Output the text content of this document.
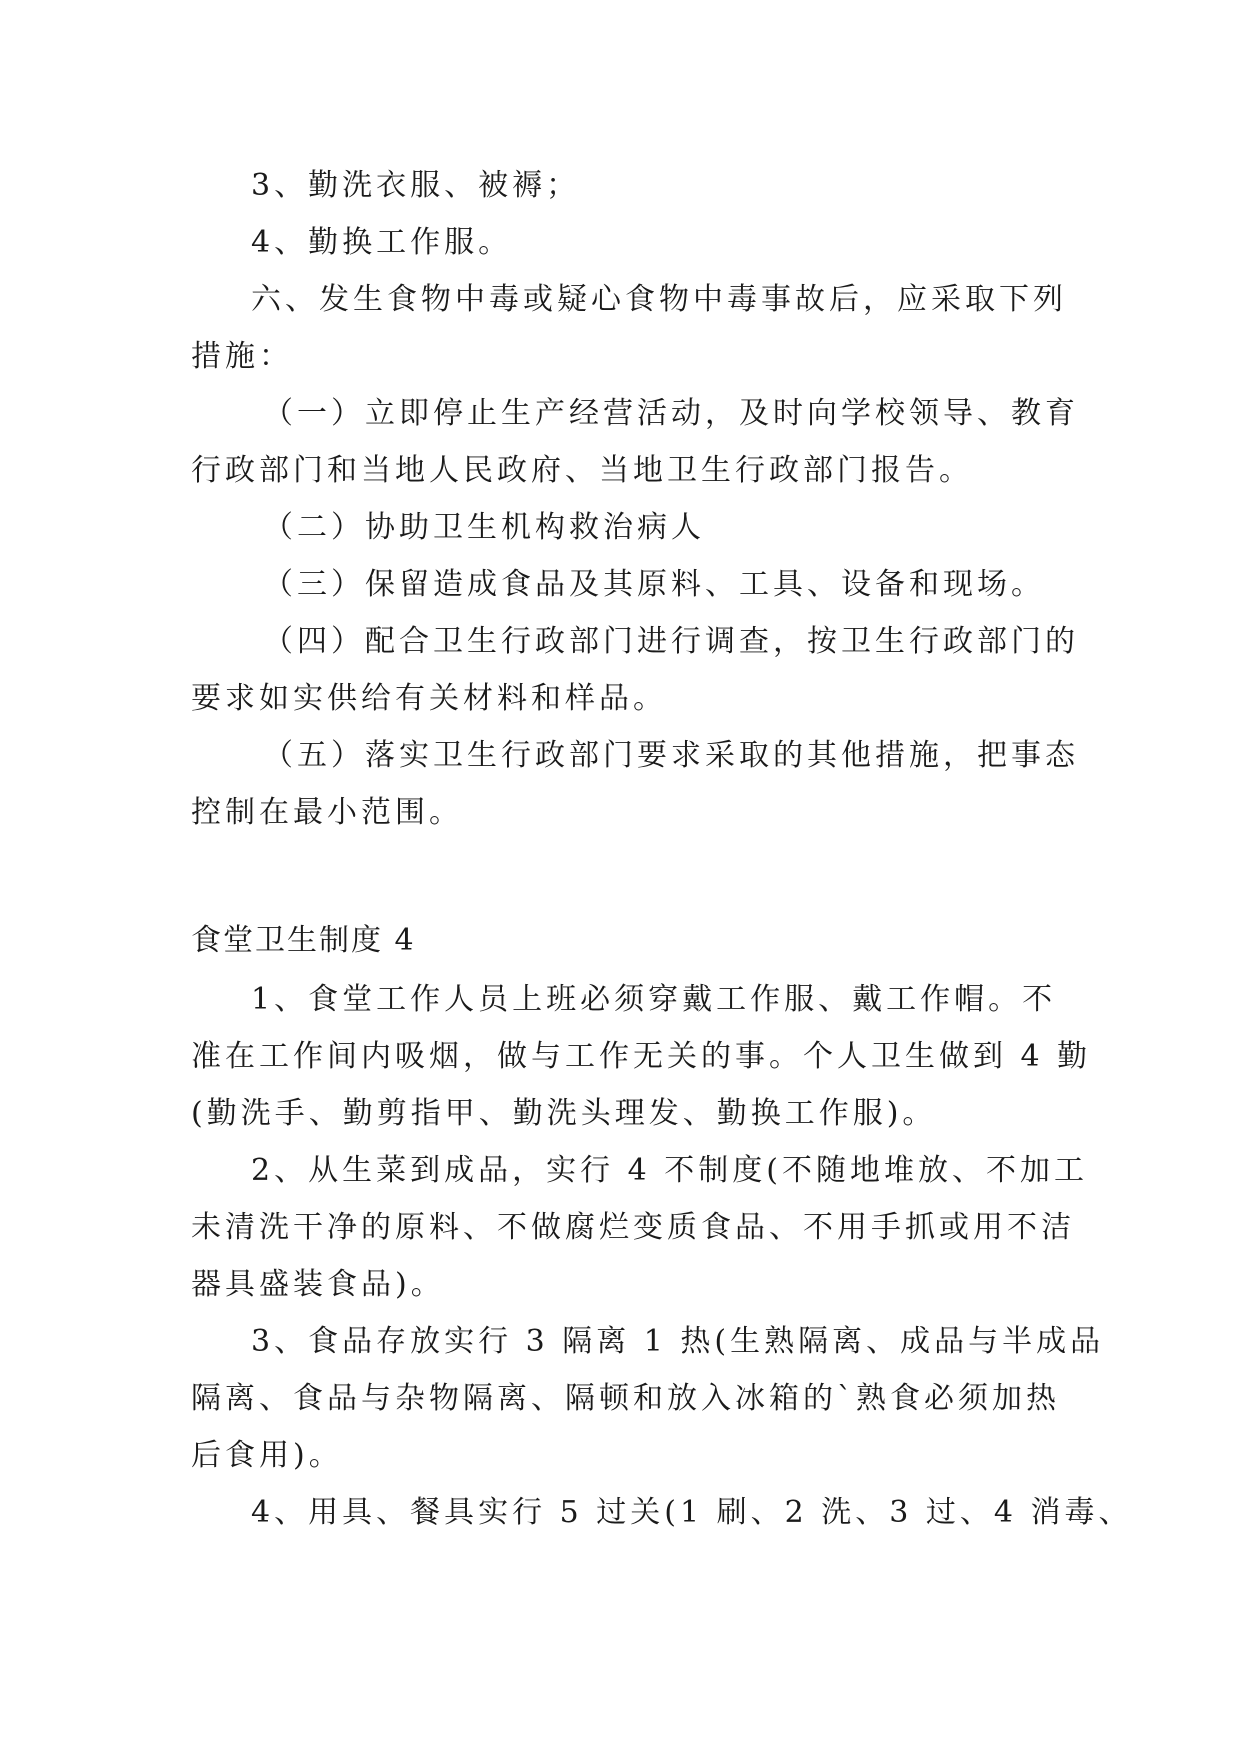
3、勤洗衣服、被褥；
4、勤换工作服。
六、发生食物中毒或疑心食物中毒事故后，应采取下列
措施：
（一）立即停止生产经营活动，及时向学校领导、教育
行政部门和当地人民政府、当地卫生行政部门报告。
（二）协助卫生机构救治病人
（三）保留造成食品及其原料、工具、设备和现场。
（四）配合卫生行政部门进行调查，按卫生行政部门的
要求如实供给有关材料和样品。
（五）落实卫生行政部门要求采取的其他措施，把事态
控制在最小范围。
食堂卫生制度 4
1、食堂工作人员上班必须穿戴工作服、戴工作帽。不
准在工作间内吸烟，做与工作无关的事。个人卫生做到 4 勤
(勤洗手、勤剪指甲、勤洗头理发、勤换工作服)。
2、从生菜到成品，实行 4 不制度(不随地堆放、不加工
未清洗干净的原料、不做腐烂变质食品、不用手抓或用不洁
器具盛装食品)。
3、食品存放实行 3 隔离 1 热(生熟隔离、成品与半成品
隔离、食品与杂物隔离、隔顿和放入冰箱的`熟食必须加热
后食用)。
4、用具、餐具实行 5 过关(1 刷、2 洗、3 过、4 消毒、
